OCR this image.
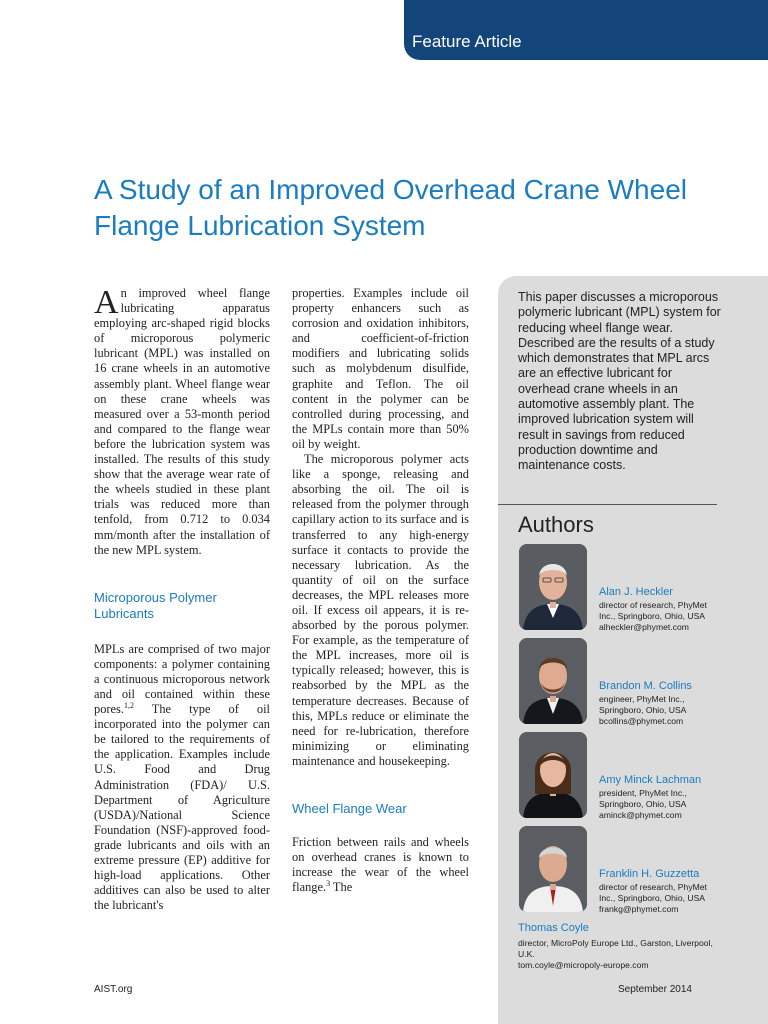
Feature Article
A Study of an Improved Overhead Crane Wheel Flange Lubrication System

An improved wheel flange lubricating apparatus employing arc-shaped rigid blocks of microporous polymeric lubricant (MPL) was installed on 16 crane wheels in an automotive assembly plant. Wheel flange wear on these crane wheels was measured over a 53-month period and compared to the flange wear before the lubrication system was installed. The results of this study show that the average wear rate of the wheels studied in these plant trials was reduced more than tenfold, from 0.712 to 0.034 mm/month after the installation of the new MPL system.

Microporous Polymer Lubricants

MPLs are comprised of two major components: a polymer containing a continuous microporous network and oil contained within these pores.$^{1,2}$ The type of oil incorporated into the polymer can be tailored to the requirements of the application. Examples include U.S. Food and Drug Administration (FDA)/ U.S. Department of Agriculture (USDA)/National Science Foundation (NSF)-approved food-grade lubricants and oils with an extreme pressure (EP) additive for high-load applications. Other additives can also be used to alter the lubricant's

properties. Examples include oil property enhancers such as corrosion and oxidation inhibitors, and coefficient-of-friction modifiers and lubricating solids such as molybdenum disulfide, graphite and Teflon. The oil content in the polymer can be controlled during processing, and the MPLs contain more than 50% oil by weight.

The microporous polymer acts like a sponge, releasing and absorbing the oil. The oil is released from the polymer through capillary action to its surface and is transferred to any high-energy surface it contacts to provide the necessary lubrication. As the quantity of oil on the surface decreases, the MPL releases more oil. If excess oil appears, it is re-absorbed by the porous polymer. For example, as the temperature of the MPL increases, more oil is typically released; however, this is reabsorbed by the MPL as the temperature decreases. Because of this, MPLs reduce or eliminate the need for re-lubrication, therefore minimizing or eliminating maintenance and housekeeping.

Wheel Flange Wear

Friction between rails and wheels on overhead cranes is known to increase the wear of the wheel flange.$^3$ The

This paper discusses a microporous polymeric lubricant (MPL) system for reducing wheel flange wear. Described are the results of a study which demonstrates that MPL arcs are an effective lubricant for overhead crane wheels in an automotive assembly plant. The improved lubrication system will result in savings from reduced production downtime and maintenance costs.

Authors
Alan J. Heckler
director of research, PhyMet
Inc., Springboro, Ohio, USA
alheckler@phymet.com
Brandon M. Collins
engineer, PhyMet Inc.,
Springboro, Ohio, USA
bcollins@phymet.com
Amy Minck Lachman
president, PhyMet Inc.,
Springboro, Ohio, USA
aminck@phymet.com
Franklin H. Guzzetta
director of research, PhyMet
Inc., Springboro, Ohio, USA
frankg@phymet.com
Thomas Coyle
director, MicroPoly Europe Ltd., Garston, Liverpool,
U.K.
tom.coyle@micropoly-europe.com
AIST.org	September 2014
